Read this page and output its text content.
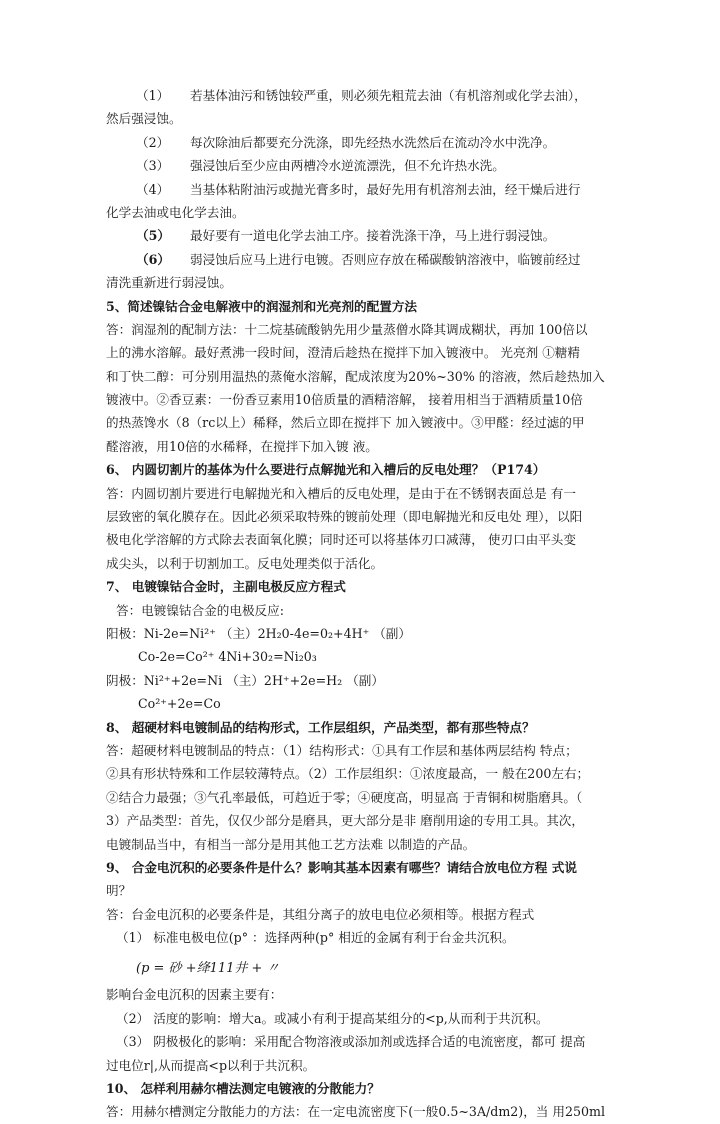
（1） 若基体油污和锈蚀较严重，则必须先粗荒去油（有机溶剂或化学去油），
然后强浸蚀。
（2） 每次除油后都要充分洗涤，即先经热水洗然后在流动冷水中洗净。
（3） 强浸蚀后至少应由两槽冷水逆流漂洗，但不允许热水洗。
（4） 当基体粘附油污或抛光膏多时，最好先用有机溶剂去油，经干燥后进行
化学去油或电化学去油。
（5） 最好要有一道电化学去油工序。接着洗涤干净，马上进行弱浸蚀。
（6） 弱浸蚀后应马上进行电镀。否则应存放在稀碳酸钠溶液中，临镀前经过
清洗重新进行弱浸蚀。
5、简述镍钴合金电解液中的润湿剂和光亮剂的配置方法
答：润湿剂的配制方法：十二烷基硫酸钠先用少量蒸僧水降其调成糊状，再加 100倍以
上的沸水溶解。最好煮沸一段时间，澄清后趁热在搅拌下加入镀液中。 光亮剂 ①糖精
和丁快二醇：可分别用温热的蒸俺水溶解，配成浓度为20%~30% 的溶液，然后趁热加入
镀液中。②香豆素：一份香豆素用10倍质量的酒精溶解， 接着用相当于酒精质量10倍
的热蒸馋水（8（rc以上）稀释，然后立即在搅拌下 加入镀液中。③甲醛：经过滤的甲
醛溶液，用10倍的水稀释，在搅拌下加入镀 液。
6、 内圆切割片的基体为什么要进行点解抛光和入槽后的反电处理？（P174）
答：内圆切割片要进行电解抛光和入槽后的反电处理，是由于在不锈钢表面总是 有一
层致密的氧化膜存在。因此必须采取特殊的镀前处理（即电解抛光和反电处 理），以阳
极电化学溶解的方式除去表面氧化膜；同时还可以将基体刃口减薄， 使刃口由平头变
成尖头，以利于切割加工。反电处理类似于活化。
7、 电镀镍钴合金时，主副电极反应方程式
答：电镀镍钴合金的电极反应:
阳极：Ni-2e=Ni²⁺ （主）2H₂0-4e=0₂+4H⁺ （副）
Co-2e=Co²⁺ 4Ni+30₂=Ni₂0₃
阴极：Ni²⁺+2e=Ni （主）2H⁺+2e=H₂ （副）
Co²⁺+2e=Co
8、 超硬材料电镀制品的结构形式，工作层组织，产品类型，都有那些特点？
答：超硬材料电镀制品的特点：（1）结构形式：①具有工作层和基体两层结构 特点；
②具有形状特殊和工作层较薄特点。（2）工作层组织：①浓度最高，一 般在200左右；
②结合力最强；③气孔率最低，可趋近于零；④硬度高，明显高 于青铜和树脂磨具。（
3）产品类型：首先，仅仅少部分是磨具，更大部分是非 磨削用途的专用工具。其次，
电镀制品当中，有相当一部分是用其他工艺方法难 以制造的产品。
9、 合金电沉积的必要条件是什么？影响其基本因素有哪些？请结合放电位方程 式说
明？
答：台金电沉积的必要条件是，其组分离子的放电电位必须相等。根据方程式
（1） 标准电极电位(p° ：选择两种(p° 相近的金属有利于台金共沉积。
(p = 砂 +绛111井 + 〃
影响台金电沉积的因素主要有：
（2） 活度的影响：增大a。或减小有利于提高某组分的<p,从而利于共沉积。
（3） 阴极极化的影响：采用配合物溶液或添加剂或选择合适的电流密度，都可 提高
过电位r|,从而提高<p以利于共沉积。
10、 怎样利用赫尔槽法测定电镀液的分散能力？
答：用赫尔槽测定分散能力的方法：在一定电流密度下(一般0.5~3A/dm2)，当 用250ml
